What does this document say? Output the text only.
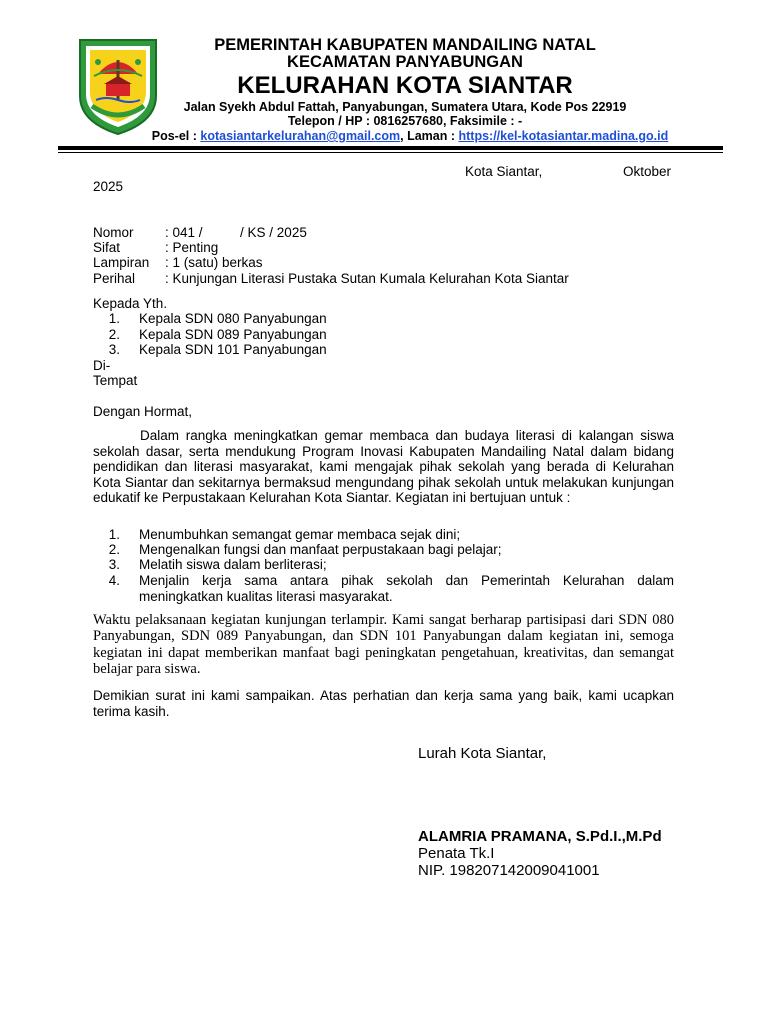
PEMERINTAH KABUPATEN MANDAILING NATAL
KECAMATAN PANYABUNGAN
KELURAHAN KOTA SIANTAR
Jalan Syekh Abdul Fattah, Panyabungan, Sumatera Utara, Kode Pos 22919
Telepon / HP : 0816257680, Faksimile : -
Pos-el : kotasiantarkelurahan@gmail.com, Laman : https://kel-kotasiantar.madina.go.id
Kota Siantar,	Oktober
2025
Nomor : 041 /          / KS / 2025
Sifat	: Penting
Lampiran : 1 (satu) berkas
Perihal : Kunjungan Literasi Pustaka Sutan Kumala Kelurahan Kota Siantar
Kepada Yth.
1. Kepala SDN 080 Panyabungan
2. Kepala SDN 089 Panyabungan
3. Kepala SDN 101 Panyabungan
Di-
Tempat
Dengan Hormat,
Dalam rangka meningkatkan gemar membaca dan budaya literasi di kalangan siswa sekolah dasar, serta mendukung Program Inovasi Kabupaten Mandailing Natal dalam bidang pendidikan dan literasi masyarakat, kami mengajak pihak sekolah yang berada di Kelurahan Kota Siantar dan sekitarnya bermaksud mengundang pihak sekolah untuk melakukan kunjungan edukatif ke Perpustakaan Kelurahan Kota Siantar. Kegiatan ini bertujuan untuk :
1. Menumbuhkan semangat gemar membaca sejak dini;
2. Mengenalkan fungsi dan manfaat perpustakaan bagi pelajar;
3. Melatih siswa dalam berliterasi;
4. Menjalin kerja sama antara pihak sekolah dan Pemerintah Kelurahan dalam meningkatkan kualitas literasi masyarakat.
Waktu pelaksanaan kegiatan kunjungan terlampir. Kami sangat berharap partisipasi dari SDN 080 Panyabungan, SDN 089 Panyabungan, dan SDN 101 Panyabungan dalam kegiatan ini, semoga kegiatan ini dapat memberikan manfaat bagi peningkatan pengetahuan, kreativitas, dan semangat belajar para siswa.
Demikian surat ini kami sampaikan. Atas perhatian dan kerja sama yang baik, kami ucapkan terima kasih.
Lurah Kota Siantar,
ALAMRIA PRAMANA, S.Pd.I.,M.Pd
Penata Tk.I
NIP. 198207142009041001
